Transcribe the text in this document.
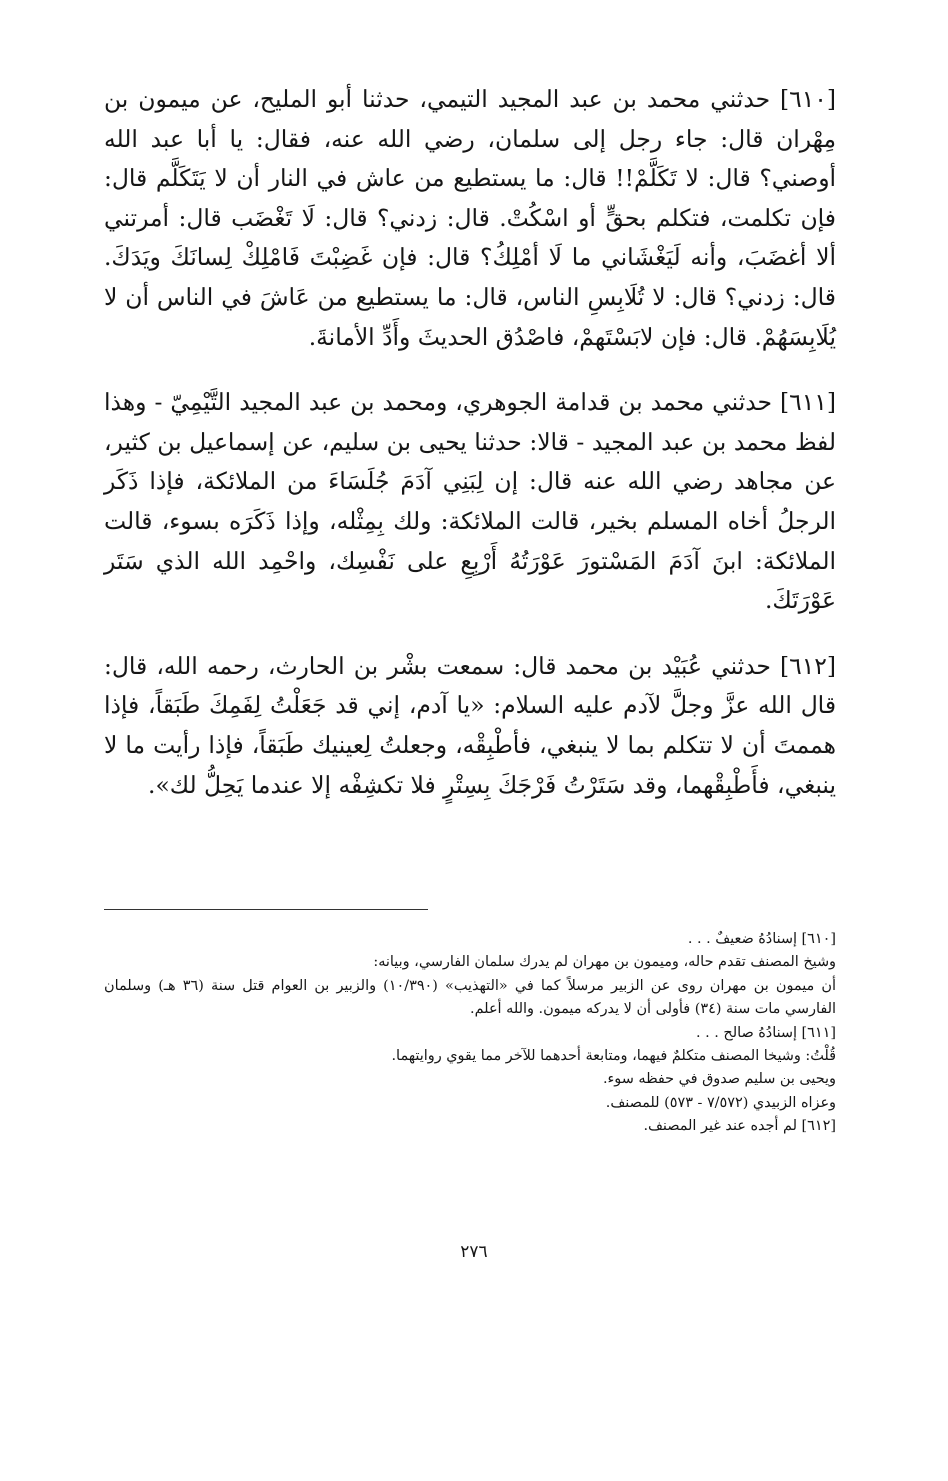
[٦١٠] حدثني محمد بن عبد المجيد التيمي، حدثنا أبو المليح، عن ميمون بن مِهْران قال: جاء رجل إلى سلمان، رضي الله عنه، فقال: يا أبا عبد الله أوصني؟ قال: لا تَكَلَّمْ!! قال: ما يستطيع من عاش في النار أن لا يَتَكَلَّم قال: فإن تكلمت، فتكلم بحقٍّ أو اسْكُتْ. قال: زدني؟ قال: لَا تَغْضَب قال: أمرتني ألا أغضَبَ، وأنه لَيَغْشَاني ما لَا أمْلِكُ؟ قال: فإن غَضِبْتَ فَامْلِكْ لِسانَكَ ويَدَكَ. قال: زدني؟ قال: لا تُلَابِسِ الناس، قال: ما يستطيع من عَاشَ في الناس أن لا يُلَابِسَهُمْ. قال: فإن لابَسْتَهمْ، فاصْدُق الحديثَ وأَدِّ الأمانةَ.

[٦١١] حدثني محمد بن قدامة الجوهري، ومحمد بن عبد المجيد التَّيْمِيّ - وهذا لفظ محمد بن عبد المجيد - قالا: حدثنا يحيى بن سليم، عن إسماعيل بن كثير، عن مجاهد رضي الله عنه قال: إن لِبَنِي آدَمَ جُلَسَاءَ من الملائكة، فإذا ذَكَر الرجلُ أخاه المسلم بخير، قالت الملائكة: ولك بِمِثْله، وإذا ذَكَرَه بسوء، قالت الملائكة: ابنَ آدَمَ المَسْتورَ عَوْرَتُهُ أَرْبِعِ على نَفْسِك، واحْمِد الله الذي سَتَر عَوْرَتَكَ.

[٦١٢] حدثني عُبَيْد بن محمد قال: سمعت بشْر بن الحارث، رحمه الله، قال: قال الله عزَّ وجلَّ لآدم عليه السلام: «يا آدم، إني قد جَعَلْتُ لِفَمِكَ طَبَقاً، فإذا هممتَ أن لا تتكلم بما لا ينبغي، فأطْبِقْه، وجعلتُ لِعينيك طَبَقاً، فإذا رأيت ما لا ينبغي، فأَطْبِقْهما، وقد سَتَرْتُ فَرْجَكَ بِسِتْرٍ فلا تكشِفْه إلا عندما يَحِلُّ لك».

[٦١٠] إسنادُهُ ضعيفٌ . . .

وشيخ المصنف تقدم حاله، وميمون بن مهران لم يدرك سلمان الفارسي، وبيانه:

أن ميمون بن مهران روى عن الزبير مرسلاً كما في «التهذيب» (١٠/٣٩٠) والزبير بن العوام قتل سنة (٣٦ هـ) وسلمان الفارسي مات سنة (٣٤) فأولى أن لا يدركه ميمون. والله أعلم.

[٦١١] إسنادُهُ صالح . . .

قُلْتُ: وشيخا المصنف متكلمٌ فيهما، ومتابعة أحدهما للآخر مما يقوي روايتهما.

ويحيى بن سليم صدوق في حفظه سوء.

وعزاه الزبيدي (٧/٥٧٢ - ٥٧٣) للمصنف.

[٦١٢] لم أجده عند غير المصنف.

٢٧٦
